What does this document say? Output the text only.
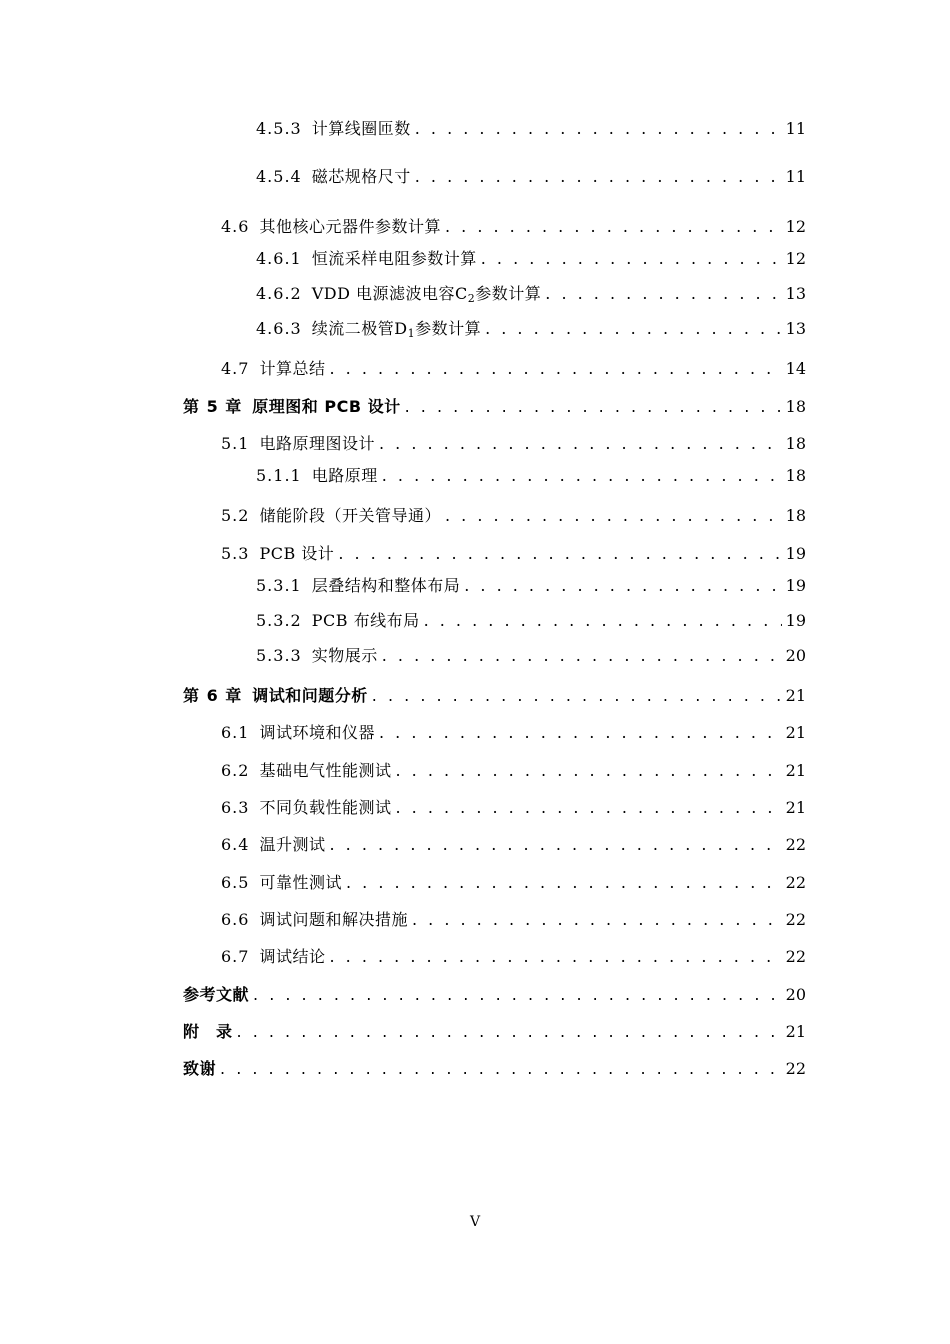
4.5.3 计算线圈匝数 . . .	11
4.5.4 磁芯规格尺寸 . . .	11
4.6 其他核心元器件参数计算 . . .	12
4.6.1 恒流采样电阻参数计算 . . .	12
4.6.2 VDD 电源滤波电容$C_2$参数计算 . . .	13
4.6.3 续流二极管$D_1$参数计算 . . .	13
4.7 计算总结 . . .	14
第 5 章 原理图和 PCB 设计 . . .	18
5.1 电路原理图设计 . . .	18
5.1.1 电路原理 . . .	18
5.2 储能阶段（开关管导通） . . .	18
5.3 PCB 设计 . . .	19
5.3.1 层叠结构和整体布局 . . .	19
5.3.2 PCB 布线布局 . . .	19
5.3.3 实物展示 . . .	20
第 6 章 调试和问题分析 . . .	21
6.1 调试环境和仪器 . . .	21
6.2 基础电气性能测试 . . .	21
6.3 不同负载性能测试 . . .	21
6.4 温升测试 . . .	22
6.5 可靠性测试 . . .	22
6.6 调试问题和解决措施 . . .	22
6.7 调试结论 . . .	22
参考文献 . . .	20
附　录 . . .	21
致谢 . . .	22
V
